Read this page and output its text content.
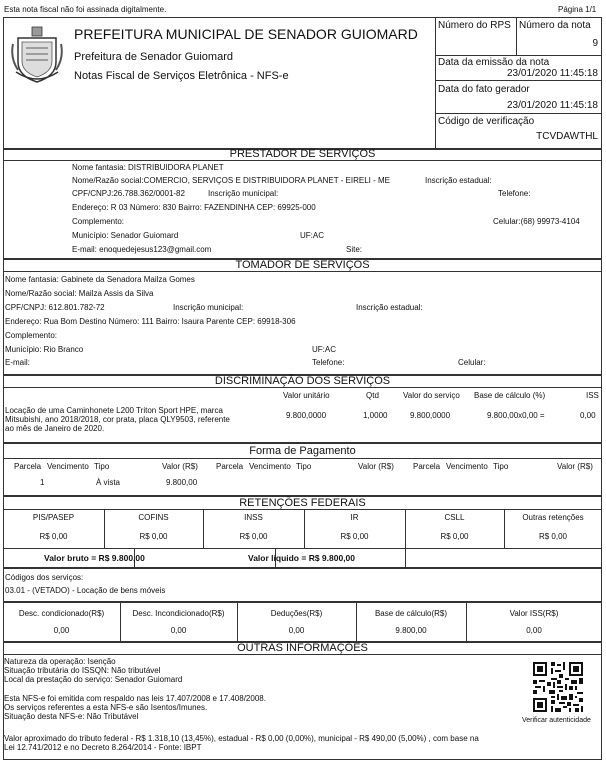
Esta nota fiscal não foi assinada digitalmente.	Página 1/1
PREFEITURA MUNICIPAL DE SENADOR GUIOMARD
Prefeitura de Senador Guiomard
Notas Fiscal de Serviços Eletrônica - NFS-e
Número do RPS Número da nota
9
Data da emissão da nota
23/01/2020 11:45:18
Data do fato gerador
23/01/2020 11:45:18
Código de verificação
TCVDAWTHL
PRESTADOR DE SERVIÇOS
Nome fantasia: DISTRIBUIDORA PLANET
Nome/Razão social:COMERCIO, SERVIÇOS E DISTRIBUIDORA PLANET - EIRELI - ME	Inscrição estadual:
CPF/CNPJ:26.788.362/0001-82	Inscrição municipal:	Telefone:
Endereço: R 03 Número: 830 Bairro: FAZENDINHA CEP: 69925-000
Complemento:	Celular:(68) 99973-4104
Município: Senador Guiomard	UF:AC
E-mail: enoquedejesus123@gmail.com	Site:
TOMADOR DE SERVIÇOS
Nome fantasia: Gabinete da Senadora Mailza Gomes
Nome/Razão social: Mailza Assis da Silva
CPF/CNPJ: 612.801.782-72	Inscrição municipal:	Inscrição estadual:
Endereço: Rua Bom Destino Número: 111 Bairro: Isaura Parente CEP: 69918-306
Complemento:
Município: Rio Branco	UF:AC
E-mail:	Telefone:	Celular:
DISCRIMINAÇÃO DOS SERVIÇOS
Valor unitário	Qtd	Valor do serviço Base de cálculo (%)	ISS
Locação de uma Caminhonete L200 Triton Sport HPE, marca
Mitsubishi, ano 2018/2018, cor prata, placa QLY9503, referente
ao mês de Janeiro de 2020.
9.800,0000	1,0000	9.800,0000	9.800,00x0,00 =	0,00
Forma de Pagamento
Parcela Vencimento Tipo	Valor (R$) Parcela Vencimento Tipo	Valor (R$) Parcela Vencimento Tipo	Valor (R$)
1	À vista	9.800,00
RETENÇÕES FEDERAIS
PIS/PASEP	COFINS	INSS	IR	CSLL	Outras retenções
R$ 0,00	R$ 0,00	R$ 0,00	R$ 0,00	R$ 0,00	R$ 0,00
Valor bruto = R$ 9.800,00	Valor líquido = R$ 9.800,00
Códigos dos serviços:
03.01 - (VETADO) - Locação de bens móveis
Desc. condicionado(R$)	Desc. Incondicionado(R$)	Deduções(R$)	Base de cálculo(R$)	Valor ISS(R$)
0,00	0,00	0,00	9.800,00	0,00
OUTRAS INFORMAÇÕES
Natureza da operação: Isenção
Situação tributária do ISSQN: Não tributável
Local da prestação do serviço: Senador Guiomard
Esta NFS-e foi emitida com respaldo nas leis 17.407/2008 e 17.408/2008.
Os serviços referentes a esta NFS-e são Isentos/Imunes.
Situação desta NFS-e: Não Tributável
Valor aproximado do tributo federal - R$ 1.318,10 (13,45%), estadual - R$ 0,00 (0,00%), municipal - R$ 490,00 (5,00%) , com base na
Lei 12.741/2012 e no Decreto 8.264/2014 - Fonte: IBPT
Verificar autenticidade
